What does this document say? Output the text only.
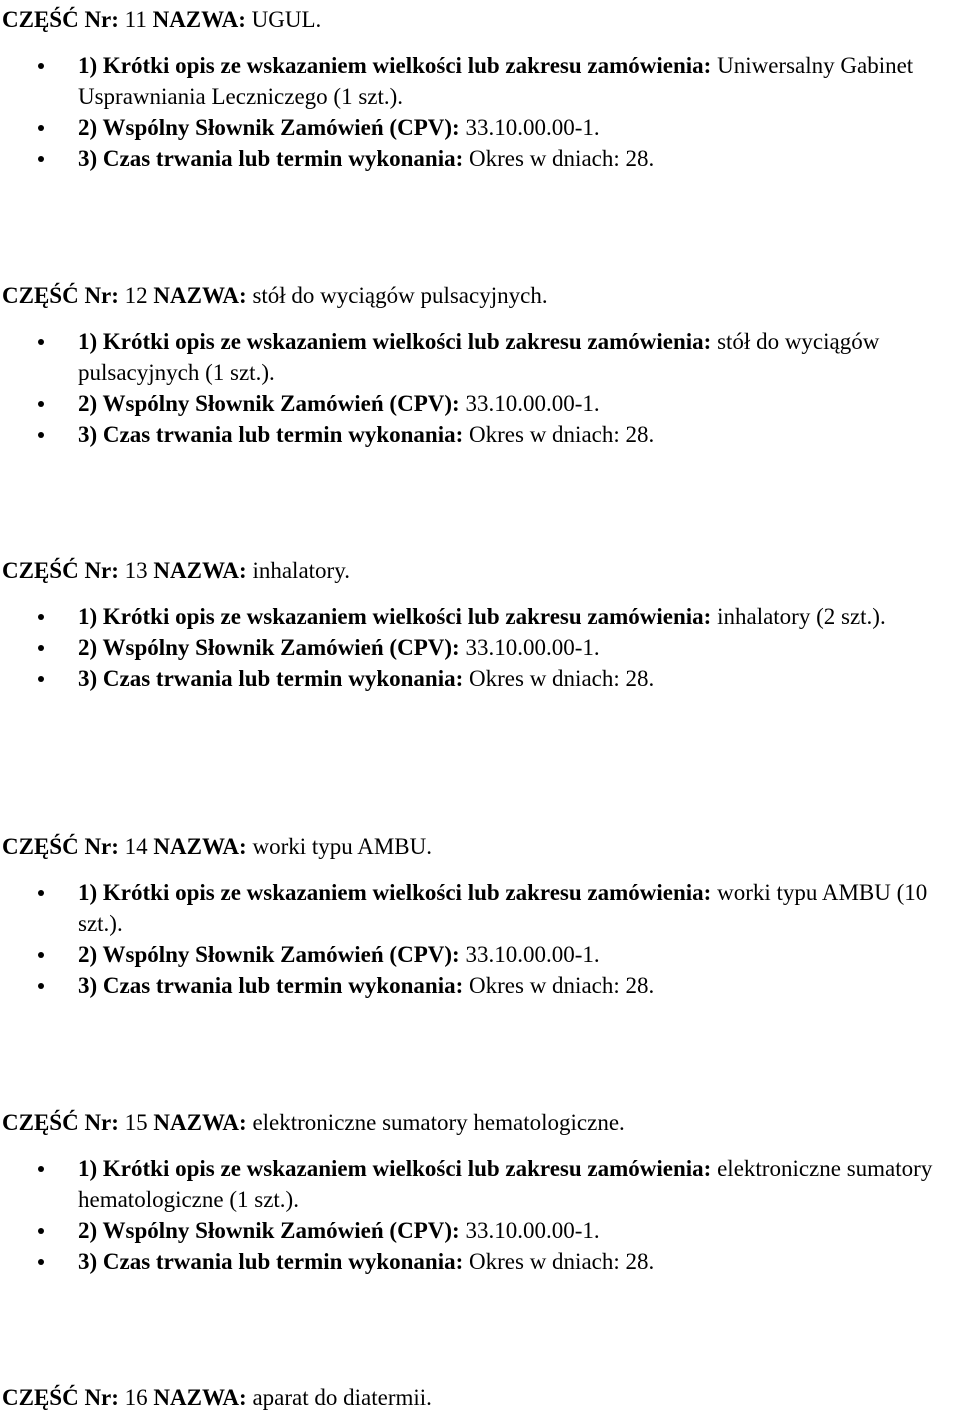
CZĘŚĆ Nr: 11 NAZWA: UGUL.

1) Krótki opis ze wskazaniem wielkości lub zakresu zamówienia: Uniwersalny Gabinet Usprawniania Leczniczego (1 szt.).
2) Wspólny Słownik Zamówień (CPV): 33.10.00.00-1.
3) Czas trwania lub termin wykonania: Okres w dniach: 28.

CZĘŚĆ Nr: 12 NAZWA: stół do wyciągów pulsacyjnych.

1) Krótki opis ze wskazaniem wielkości lub zakresu zamówienia: stół do wyciągów pulsacyjnych (1 szt.).
2) Wspólny Słownik Zamówień (CPV): 33.10.00.00-1.
3) Czas trwania lub termin wykonania: Okres w dniach: 28.

CZĘŚĆ Nr: 13 NAZWA: inhalatory.

1) Krótki opis ze wskazaniem wielkości lub zakresu zamówienia: inhalatory (2 szt.).
2) Wspólny Słownik Zamówień (CPV): 33.10.00.00-1.
3) Czas trwania lub termin wykonania: Okres w dniach: 28.

CZĘŚĆ Nr: 14 NAZWA: worki typu AMBU.

1) Krótki opis ze wskazaniem wielkości lub zakresu zamówienia: worki typu AMBU (10 szt.).
2) Wspólny Słownik Zamówień (CPV): 33.10.00.00-1.
3) Czas trwania lub termin wykonania: Okres w dniach: 28.

CZĘŚĆ Nr: 15 NAZWA: elektroniczne sumatory hematologiczne.

1) Krótki opis ze wskazaniem wielkości lub zakresu zamówienia: elektroniczne sumatory hematologiczne (1 szt.).
2) Wspólny Słownik Zamówień (CPV): 33.10.00.00-1.
3) Czas trwania lub termin wykonania: Okres w dniach: 28.

CZĘŚĆ Nr: 16 NAZWA: aparat do diatermii.
